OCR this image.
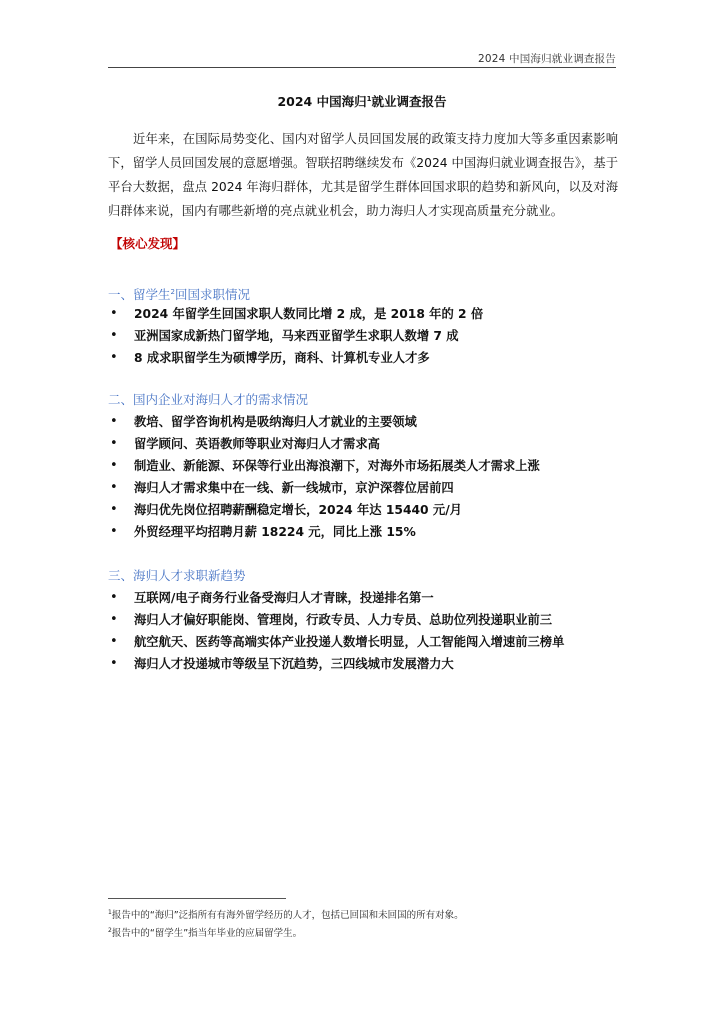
2024 中国海归就业调查报告
2024 中国海归$^1$就业调查报告

近年来，在国际局势变化、国内对留学人员回国发展的政策支持力度加大等多重因素影响下，留学人员回国发展的意愿增强。智联招聘继续发布《2024 中国海归就业调查报告》，基于平台大数据，盘点 2024 年海归群体，尤其是留学生群体回国求职的趋势和新风向，以及对海归群体来说，国内有哪些新增的亮点就业机会，助力海归人才实现高质量充分就业。

【核心发现】
一、留学生$^2$回国求职情况
• 2024 年留学生回国求职人数同比增 2 成，是 2018 年的 2 倍
• 亚洲国家成新热门留学地，马来西亚留学生求职人数增 7 成
• 8 成求职留学生为硕博学历，商科、计算机专业人才多
二、国内企业对海归人才的需求情况
• 教培、留学咨询机构是吸纳海归人才就业的主要领域
• 留学顾问、英语教师等职业对海归人才需求高
• 制造业、新能源、环保等行业出海浪潮下，对海外市场拓展类人才需求上涨
• 海归人才需求集中在一线、新一线城市，京沪深蓉位居前四
• 海归优先岗位招聘薪酬稳定增长，2024 年达 15440 元/月
• 外贸经理平均招聘月薪 18224 元，同比上涨 15%
三、海归人才求职新趋势
• 互联网/电子商务行业备受海归人才青睐，投递排名第一
• 海归人才偏好职能岗、管理岗，行政专员、人力专员、总助位列投递职业前三
• 航空航天、医药等高端实体产业投递人数增长明显，人工智能闯入增速前三榜单
• 海归人才投递城市等级呈下沉趋势，三四线城市发展潜力大
$^1$报告中的“海归”泛指所有有海外留学经历的人才，包括已回国和未回国的所有对象。
$^2$报告中的“留学生”指当年毕业的应届留学生。
